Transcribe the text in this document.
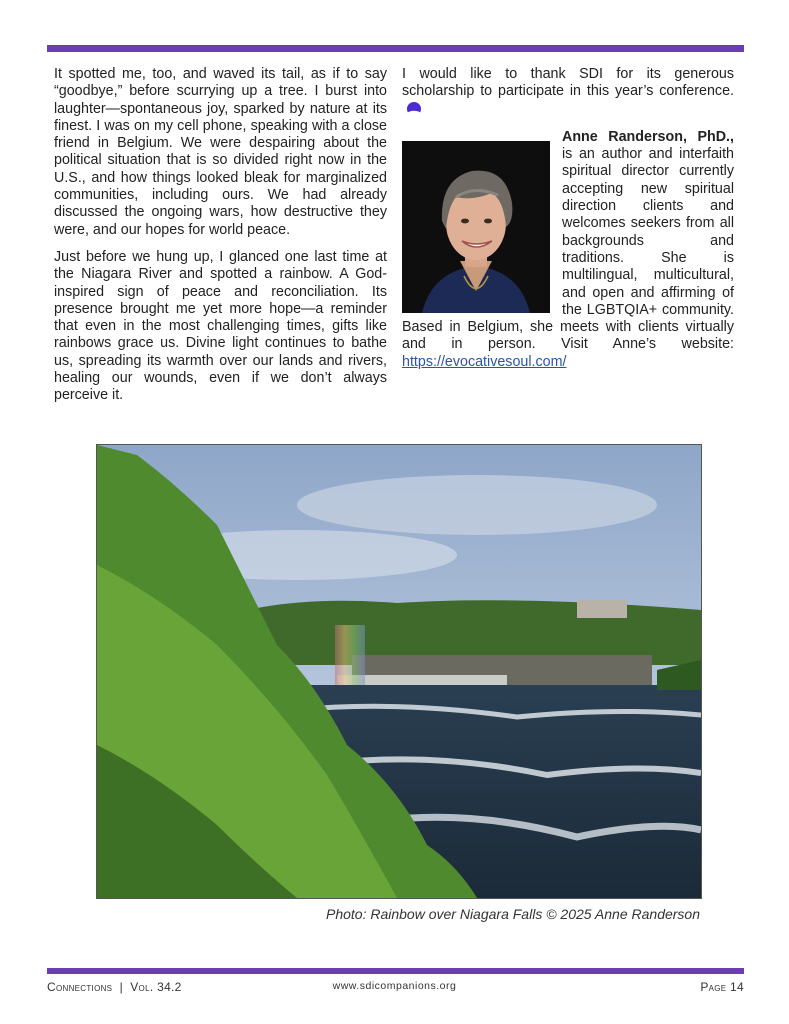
It spotted me, too, and waved its tail, as if to say “goodbye,” before scurrying up a tree. I burst into laughter—spontaneous joy, sparked by nature at its finest. I was on my cell phone, speaking with a close friend in Belgium. We were despairing about the political situation that is so divided right now in the U.S., and how things looked bleak for marginalized communities, including ours. We had already discussed the ongoing wars, how destructive they were, and our hopes for world peace.

Just before we hung up, I glanced one last time at the Niagara River and spotted a rainbow. A God-inspired sign of peace and reconciliation. Its presence brought me yet more hope—a reminder that even in the most challenging times, gifts like rainbows grace us. Divine light continues to bathe us, spreading its warmth over our lands and rivers, healing our wounds, even if we don’t always perceive it.

I would like to thank SDI for its generous scholarship to participate in this year’s conference.

Anne Randerson, PhD., is an author and interfaith spiritual director currently accepting new spiritual direction clients and welcomes seekers from all backgrounds and traditions. She is multilingual, multicultural, and open and affirming of the LGBTQIA+ community. Based in Belgium, she meets with clients virtually and in person. Visit Anne’s website: https://evocativesoul.com/

Photo: Rainbow over Niagara Falls © 2025 Anne Randerson
Connections  |  Vol. 34.2	www.sdicompanions.org	Page 14
